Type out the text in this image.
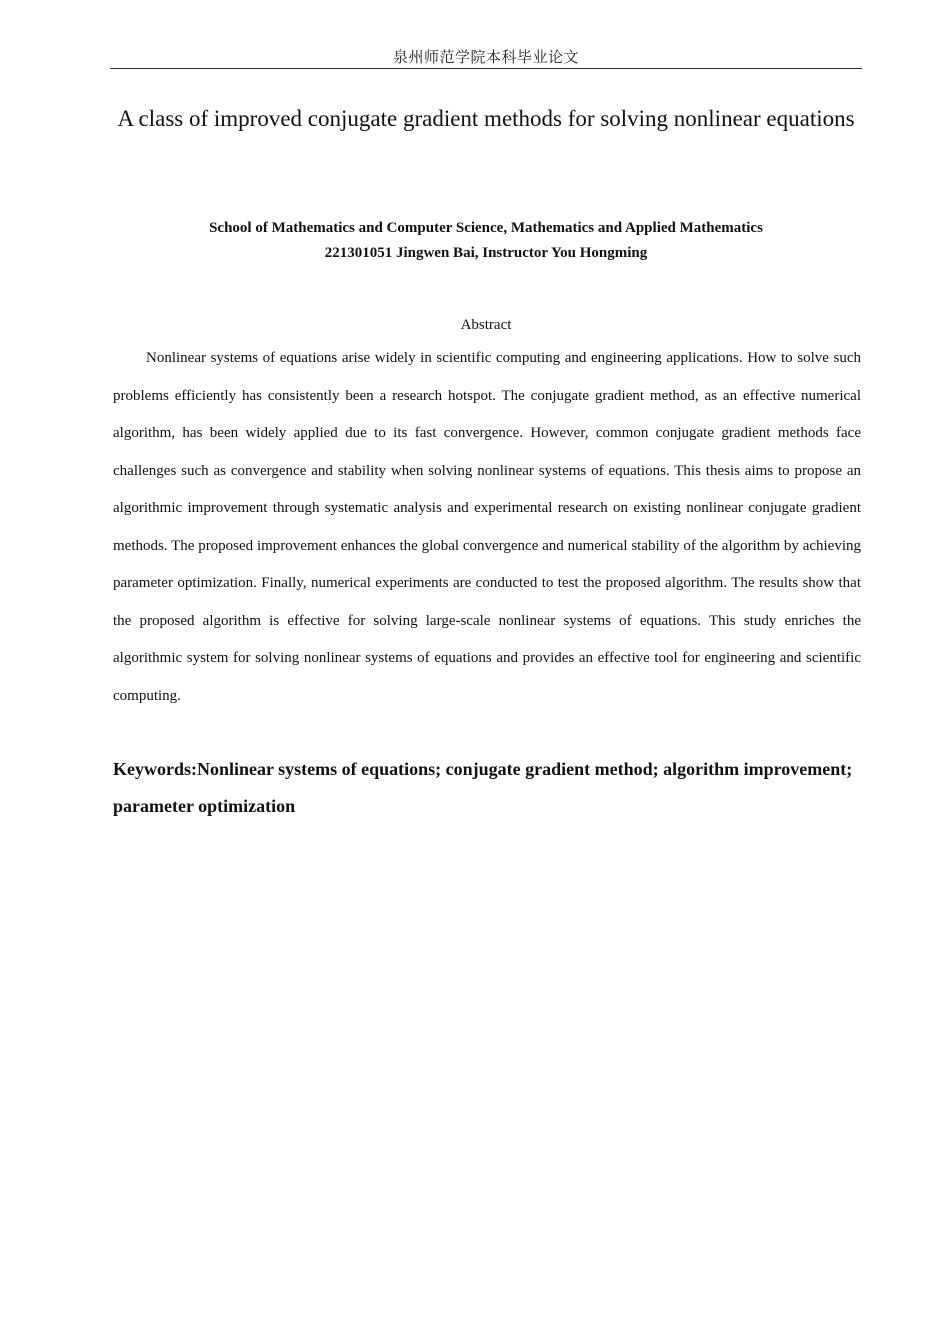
泉州师范学院本科毕业论文
A class of improved conjugate gradient methods for solving nonlinear equations
School of Mathematics and Computer Science, Mathematics and Applied Mathematics
221301051 Jingwen Bai, Instructor You Hongming
Abstract
Nonlinear systems of equations arise widely in scientific computing and engineering applications. How to solve such problems efficiently has consistently been a research hotspot. The conjugate gradient method, as an effective numerical algorithm, has been widely applied due to its fast convergence. However, common conjugate gradient methods face challenges such as convergence and stability when solving nonlinear systems of equations. This thesis aims to propose an algorithmic improvement through systematic analysis and experimental research on existing nonlinear conjugate gradient methods. The proposed improvement enhances the global convergence and numerical stability of the algorithm by achieving parameter optimization. Finally, numerical experiments are conducted to test the proposed algorithm. The results show that the proposed algorithm is effective for solving large-scale nonlinear systems of equations. This study enriches the algorithmic system for solving nonlinear systems of equations and provides an effective tool for engineering and scientific computing.
Keywords:Nonlinear systems of equations; conjugate gradient method; algorithm improvement; parameter optimization
